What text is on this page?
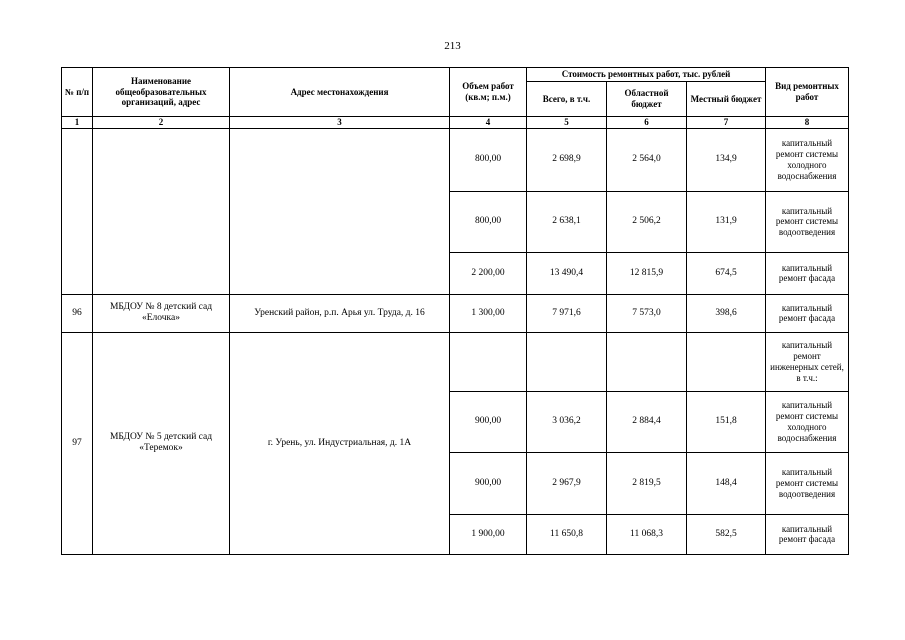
213
№ п/п	Наименование общеобразовательных организаций, адрес	Адрес местонахождения	Объем работ (кв.м; п.м.)	Стоимость ремонтных работ, тыс. рублей			Вид ремонтных работ
				Всего, в т.ч.	Областной бюджет	Местный бюджет	
1	2	3	4	5	6	7	8
			800,00	2 698,9	2 564,0	134,9	капитальный ремонт системы холодного водоснабжения
			800,00	2 638,1	2 506,2	131,9	капитальный ремонт системы водоотведения
			2 200,00	13 490,4	12 815,9	674,5	капитальный ремонт фасада
96	МБДОУ № 8 детский сад «Елочка»	Уренский район, р.п. Арья ул. Труда, д. 16	1 300,00	7 971,6	7 573,0	398,6	капитальный ремонт фасада
97	МБДОУ № 5 детский сад «Теремок»	г. Урень, ул. Индустриальная, д. 1А					капитальный ремонт инженерных сетей, в т.ч.:
			900,00	3 036,2	2 884,4	151,8	капитальный ремонт системы холодного водоснабжения
			900,00	2 967,9	2 819,5	148,4	капитальный ремонт системы водоотведения
			1 900,00	11 650,8	11 068,3	582,5	капитальный ремонт фасада
